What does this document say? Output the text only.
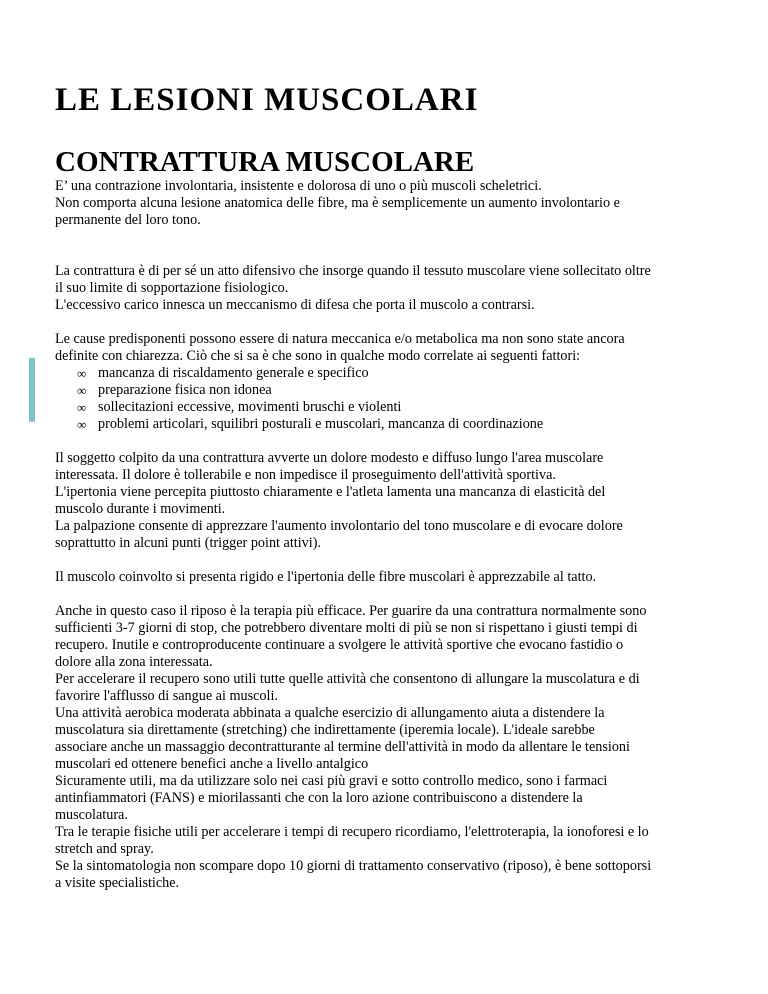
LE LESIONI MUSCOLARI
CONTRATTURA MUSCOLARE

E’ una contrazione involontaria, insistente e dolorosa di uno o più muscoli scheletrici.

Non comporta alcuna lesione anatomica delle fibre, ma è semplicemente un aumento involontario e

permanente del loro tono.

La contrattura è di per sé un atto difensivo che insorge quando il tessuto muscolare viene sollecitato oltre

il suo limite di sopportazione fisiologico.

L'eccessivo carico innesca un meccanismo di difesa che porta il muscolo a contrarsi.

Le cause predisponenti possono essere di natura meccanica e/o metabolica ma non sono state ancora

definite con chiarezza. Ciò che si sa è che sono in qualche modo correlate ai seguenti fattori:

∞ mancanza di riscaldamento generale e specifico
∞ preparazione fisica non idonea
∞ sollecitazioni eccessive, movimenti bruschi e violenti
∞ problemi articolari, squilibri posturali e muscolari, mancanza di coordinazione

Il soggetto colpito da una contrattura avverte un dolore modesto e diffuso lungo l'area muscolare

interessata. Il dolore è tollerabile e non impedisce il proseguimento dell'attività sportiva.

L'ipertonia viene percepita piuttosto chiaramente e l'atleta lamenta una mancanza di elasticità del

muscolo durante i movimenti.

La palpazione consente di apprezzare l'aumento involontario del tono muscolare e di evocare dolore

soprattutto in alcuni punti (trigger point attivi).

Il muscolo coinvolto si presenta rigido e l'ipertonia delle fibre muscolari è apprezzabile al tatto.

Anche in questo caso il riposo è la terapia più efficace. Per guarire da una contrattura normalmente sono

sufficienti 3-7 giorni di stop, che potrebbero diventare molti di più se non si rispettano i giusti tempi di

recupero. Inutile e controproducente continuare a svolgere le attività sportive che evocano fastidio o

dolore alla zona interessata.

Per accelerare il recupero sono utili tutte quelle attività che consentono di allungare la muscolatura e di

favorire l'afflusso di sangue ai muscoli.

Una attività aerobica moderata abbinata a qualche esercizio di allungamento aiuta a distendere la

muscolatura sia direttamente (stretching) che indirettamente (iperemia locale). L'ideale sarebbe

associare anche un massaggio decontratturante al termine dell'attività in modo da allentare le tensioni

muscolari ed ottenere benefici anche a livello antalgico

Sicuramente utili, ma da utilizzare solo nei casi più gravi e sotto controllo medico, sono i farmaci

antinfiammatori (FANS) e miorilassanti che con la loro azione contribuiscono a distendere la

muscolatura.

Tra le terapie fisiche utili per accelerare i tempi di recupero ricordiamo, l'elettroterapia, la ionoforesi e lo

stretch and spray.

Se la sintomatologia non scompare dopo 10 giorni di trattamento conservativo (riposo), è bene sottoporsi

a visite specialistiche.
